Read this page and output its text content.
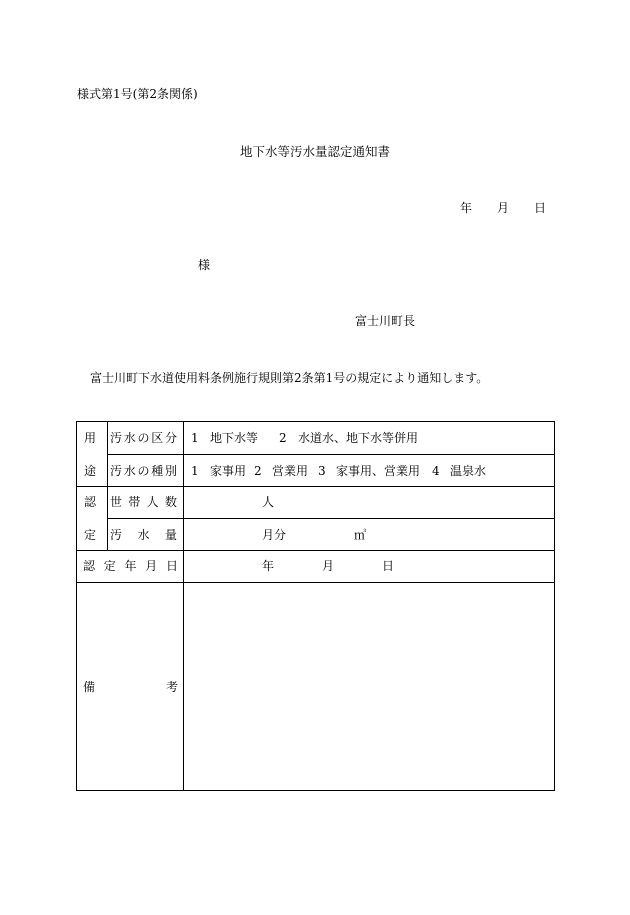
様式第1号(第2条関係)
地下水等汚水量認定通知書
年 月 日
様
富士川町長
富士川町下水道使用料条例施行規則第2条第1号の規定により通知します。
用
途
汚 水 の 区 分 1 地下水等 2 水道水、地下水等併用
汚 水 の 種 別 1 家事用 2 営業用 3 家事用、営業用 4 温泉水
認
定
世 帯 人 数	人
汚 水 量	月分	㎥
認 定 年 月 日	年	月	日
備	考
